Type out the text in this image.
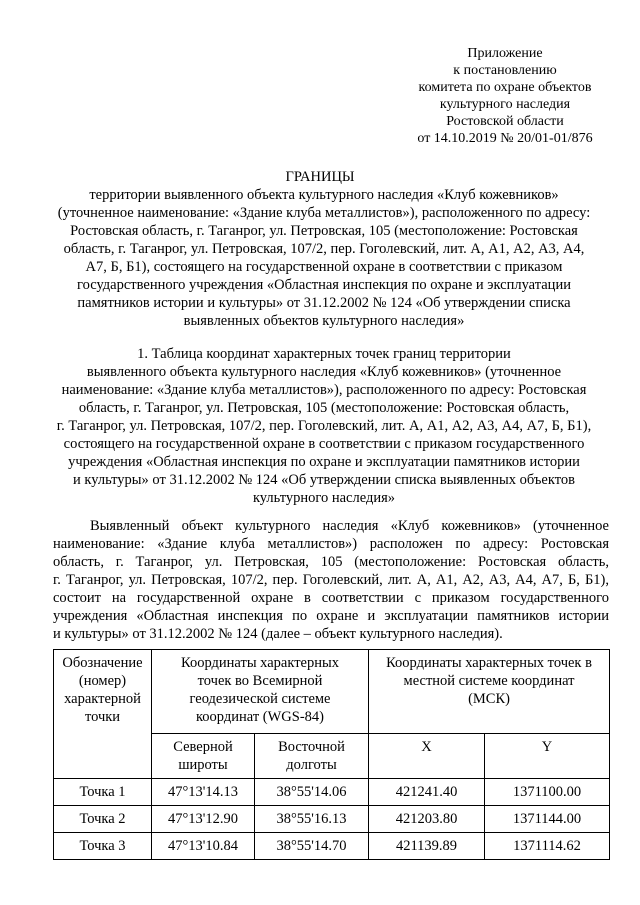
Приложение
к постановлению
комитета по охране объектов
культурного наследия
Ростовской области
от 14.10.2019 № 20/01-01/876
ГРАНИЦЫ
территории выявленного объекта культурного наследия «Клуб кожевников»
(уточненное наименование: «Здание клуба металлистов»), расположенного по адресу:
Ростовская область, г. Таганрог, ул. Петровская, 105 (местоположение: Ростовская
область, г. Таганрог, ул. Петровская, 107/2, пер. Гоголевский, лит. А, А1, А2, А3, А4,
А7, Б, Б1), состоящего на государственной охране в соответствии с приказом
государственного учреждения «Областная инспекция по охране и эксплуатации
памятников истории и культуры» от 31.12.2002 № 124 «Об утверждении списка
выявленных объектов культурного наследия»
1. Таблица координат характерных точек границ территории
выявленного объекта культурного наследия «Клуб кожевников» (уточненное
наименование: «Здание клуба металлистов»), расположенного по адресу: Ростовская
область, г. Таганрог, ул. Петровская, 105 (местоположение: Ростовская область,
г. Таганрог, ул. Петровская, 107/2, пер. Гоголевский, лит. А, А1, А2, А3, А4, А7, Б, Б1),
состоящего на государственной охране в соответствии с приказом государственного
учреждения «Областная инспекция по охране и эксплуатации памятников истории
и культуры» от 31.12.2002 № 124 «Об утверждении списка выявленных объектов
культурного наследия»
Выявленный объект культурного наследия «Клуб кожевников» (уточненное
наименование: «Здание клуба металлистов») расположен по адресу: Ростовская
область, г. Таганрог, ул. Петровская, 105 (местоположение: Ростовская область,
г. Таганрог, ул. Петровская, 107/2, пер. Гоголевский, лит. А, А1, А2, А3, А4, А7, Б, Б1),
состоит на государственной охране в соответствии с приказом государственного
учреждения «Областная инспекция по охране и эксплуатации памятников истории
и культуры» от 31.12.2002 № 124 (далее – объект культурного наследия).
Обозначение
(номер)
характерной
точки	Координаты характерных
точек во Всемирной
геодезической системе
координат (WGS-84)		Координаты характерных точек в
местной системе координат
(МСК)	

	Северной
широты	Восточной
долготы	X	Y
Точка 1	47°13'14.13	38°55'14.06	421241.40	1371100.00
Точка 2	47°13'12.90	38°55'16.13	421203.80	1371144.00
Точка 3	47°13'10.84	38°55'14.70	421139.89	1371114.62
